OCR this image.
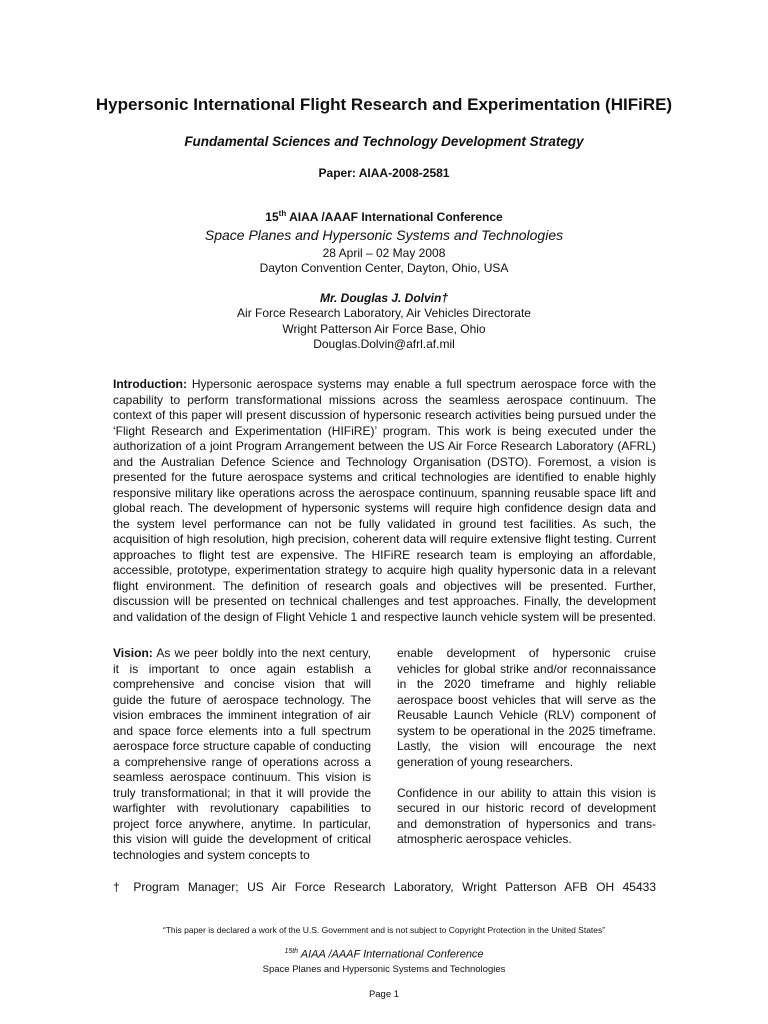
Hypersonic International Flight Research and Experimentation (HIFiRE)
Fundamental Sciences and Technology Development Strategy
Paper: AIAA-2008-2581
15th AIAA /AAAF International Conference
Space Planes and Hypersonic Systems and Technologies
28 April – 02 May 2008
Dayton Convention Center, Dayton, Ohio, USA
Mr. Douglas J. Dolvin†
Air Force Research Laboratory, Air Vehicles Directorate
Wright Patterson Air Force Base, Ohio
Douglas.Dolvin@afrl.af.mil
Introduction: Hypersonic aerospace systems may enable a full spectrum aerospace force with the capability to perform transformational missions across the seamless aerospace continuum. The context of this paper will present discussion of hypersonic research activities being pursued under the ‘Flight Research and Experimentation (HIFiRE)’ program. This work is being executed under the authorization of a joint Program Arrangement between the US Air Force Research Laboratory (AFRL) and the Australian Defence Science and Technology Organisation (DSTO). Foremost, a vision is presented for the future aerospace systems and critical technologies are identified to enable highly responsive military like operations across the aerospace continuum, spanning reusable space lift and global reach. The development of hypersonic systems will require high confidence design data and the system level performance can not be fully validated in ground test facilities. As such, the acquisition of high resolution, high precision, coherent data will require extensive flight testing. Current approaches to flight test are expensive. The HIFiRE research team is employing an affordable, accessible, prototype, experimentation strategy to acquire high quality hypersonic data in a relevant flight environment. The definition of research goals and objectives will be presented. Further, discussion will be presented on technical challenges and test approaches. Finally, the development and validation of the design of Flight Vehicle 1 and respective launch vehicle system will be presented.
Vision: As we peer boldly into the next century, it is important to once again establish a comprehensive and concise vision that will guide the future of aerospace technology. The vision embraces the imminent integration of air and space force elements into a full spectrum aerospace force structure capable of conducting a comprehensive range of operations across a seamless aerospace continuum. This vision is truly transformational; in that it will provide the warfighter with revolutionary capabilities to project force anywhere, anytime. In particular, this vision will guide the development of critical technologies and system concepts to

enable development of hypersonic cruise vehicles for global strike and/or reconnaissance in the 2020 timeframe and highly reliable aerospace boost vehicles that will serve as the Reusable Launch Vehicle (RLV) component of system to be operational in the 2025 timeframe. Lastly, the vision will encourage the next generation of young researchers.

Confidence in our ability to attain this vision is secured in our historic record of development and demonstration of hypersonics and trans-atmospheric aerospace vehicles.

† Program Manager; US Air Force Research Laboratory, Wright Patterson AFB OH 45433
“This paper is declared a work of the U.S. Government and is not subject to Copyright Protection in the United States”
$^{15th}$ AIAA /AAAF International Conference
Space Planes and Hypersonic Systems and Technologies
Page 1
